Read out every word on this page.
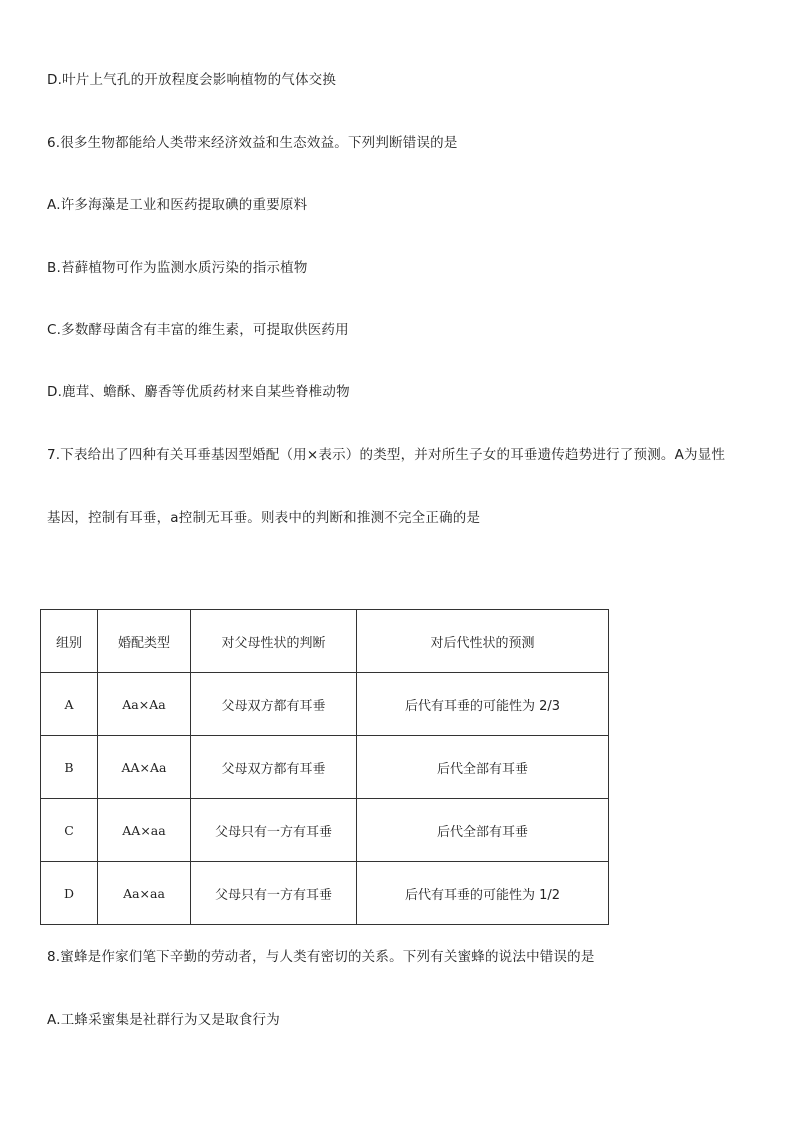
D.叶片上气孔的开放程度会影响植物的气体交换
6.很多生物都能给人类带来经济效益和生态效益。下列判断错误的是
A.许多海藻是工业和医药提取碘的重要原料
B.苔藓植物可作为监测水质污染的指示植物
C.多数酵母菌含有丰富的维生素，可提取供医药用
D.鹿茸、蟾酥、麝香等优质药材来自某些脊椎动物
7.下表给出了四种有关耳垂基因型婚配（用×表示）的类型，并对所生子女的耳垂遗传趋势进行了预测。A为显性
基因，控制有耳垂，a控制无耳垂。则表中的判断和推测不完全正确的是
组别	婚配类型	对父母性状的判断	对后代性状的预测
A	Aa×Aa	父母双方都有耳垂	后代有耳垂的可能性为 2/3
B	AA×Aa	父母双方都有耳垂	后代全部有耳垂
C	AA×aa	父母只有一方有耳垂	后代全部有耳垂
D	Aa×aa	父母只有一方有耳垂	后代有耳垂的可能性为 1/2
8.蜜蜂是作家们笔下辛勤的劳动者，与人类有密切的关系。下列有关蜜蜂的说法中错误的是
A.工蜂采蜜集是社群行为又是取食行为
